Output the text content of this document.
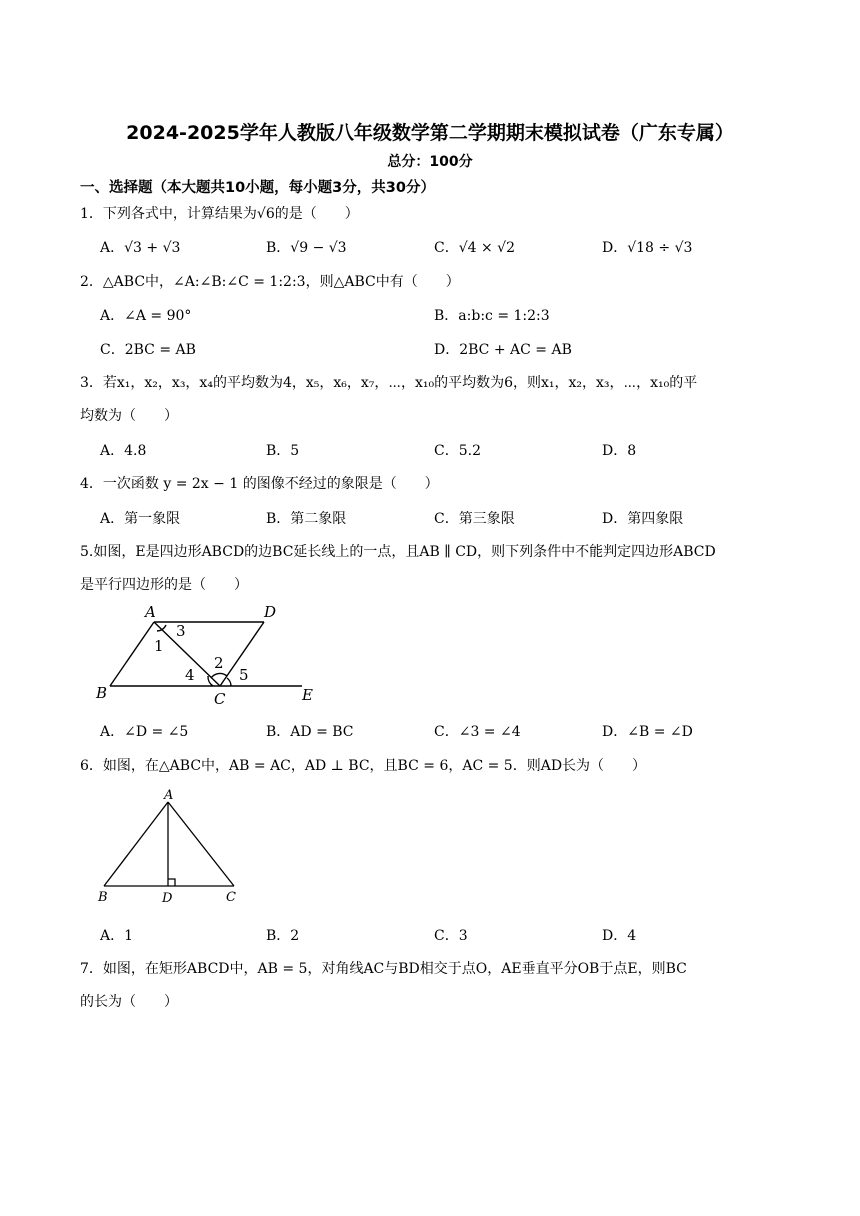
2024-2025学年人教版八年级数学第二学期期末模拟试卷（广东专属）
总分：100分
一、选择题（本大题共10小题，每小题3分，共30分）
1．下列各式中，计算结果为√6的是（　　）
A．√3 + √3	B．√9 − √3	C．√4 × √2	D．√18 ÷ √3
2．△ABC中，∠A:∠B:∠C = 1:2:3，则△ABC中有（　　）
A．∠A = 90°	B．a:b:c = 1:2:3
C．2BC = AB	D．2BC + AC = AB
3．若x₁，x₂，x₃，x₄的平均数为4，x₅，x₆，x₇，⋯，x₁₀的平均数为6，则x₁，x₂，x₃，⋯，x₁₀的平
均数为（　　）
A．4.8	B．5	C．5.2	D．8
4．一次函数 y = 2x − 1 的图像不经过的象限是（　　）
A．第一象限	B．第二象限	C．第三象限	D．第四象限
5.如图，E是四边形ABCD的边BC延长线上的一点，且AB ∥ CD，则下列条件中不能判定四边形ABCD
是平行四边形的是（　　）
A	D
B	C	E
1
2
3
4	5
A．∠D = ∠5	B．AD = BC	C．∠3 = ∠4	D．∠B = ∠D
6．如图，在△ABC中，AB = AC，AD ⊥ BC，且BC = 6，AC = 5．则AD长为（　　）
A
B	D	C
A．1	B．2	C．3	D．4
7．如图，在矩形ABCD中，AB = 5，对角线AC与BD相交于点O，AE垂直平分OB于点E，则BC
的长为（　　）
